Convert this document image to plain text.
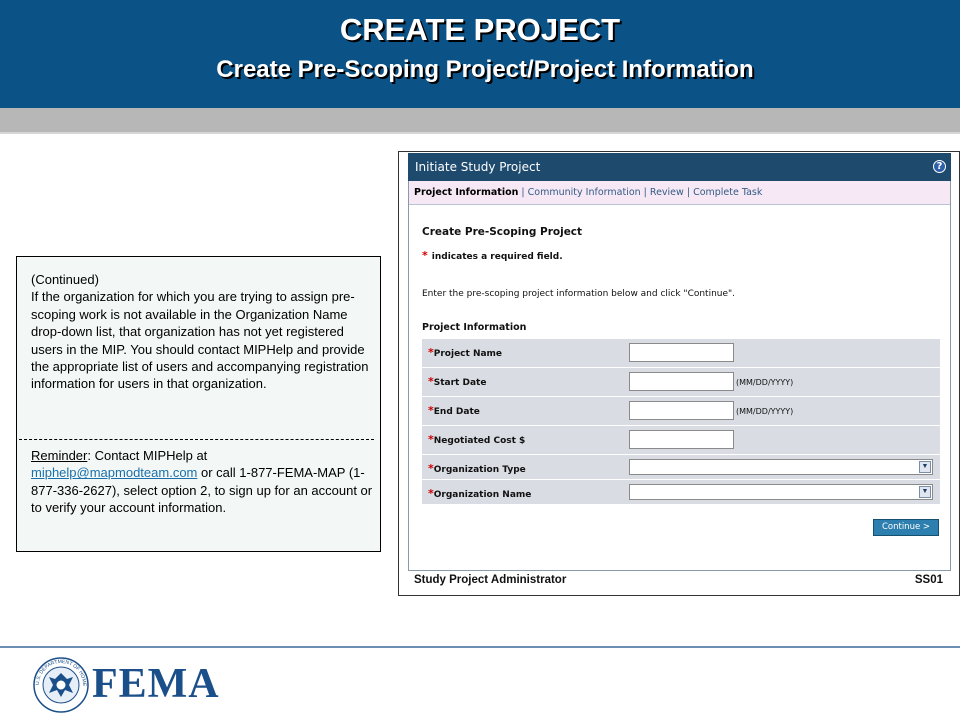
CREATE PROJECT
Create Pre-Scoping Project/Project Information
(Continued)
If the organization for which you are trying to assign pre-scoping work is not available in the Organization Name drop-down list, that organization has not yet registered users in the MIP. You should contact MIPHelp and provide the appropriate list of users and accompanying registration information for users in that organization.
Reminder: Contact MIPHelp at
miphelp@mapmodteam.com or call 1-877-FEMA-MAP (1-877-336-2627), select option 2, to sign up for an account or to verify your account information.
Initiate Study Project	?
Project Information | Community Information | Review | Complete Task
Create Pre-Scoping Project
* indicates a required field.
Enter the pre-scoping project information below and click "Continue".
Project Information
*Project Name
*Start Date	(MM/DD/YYYY)
*End Date	(MM/DD/YYYY)
*Negotiated Cost $
*Organization Type	▼
*Organization Name	▼
Continue >
Study Project Administrator	SS01
U.S. DEPARTMENT OF HOME FEMA
